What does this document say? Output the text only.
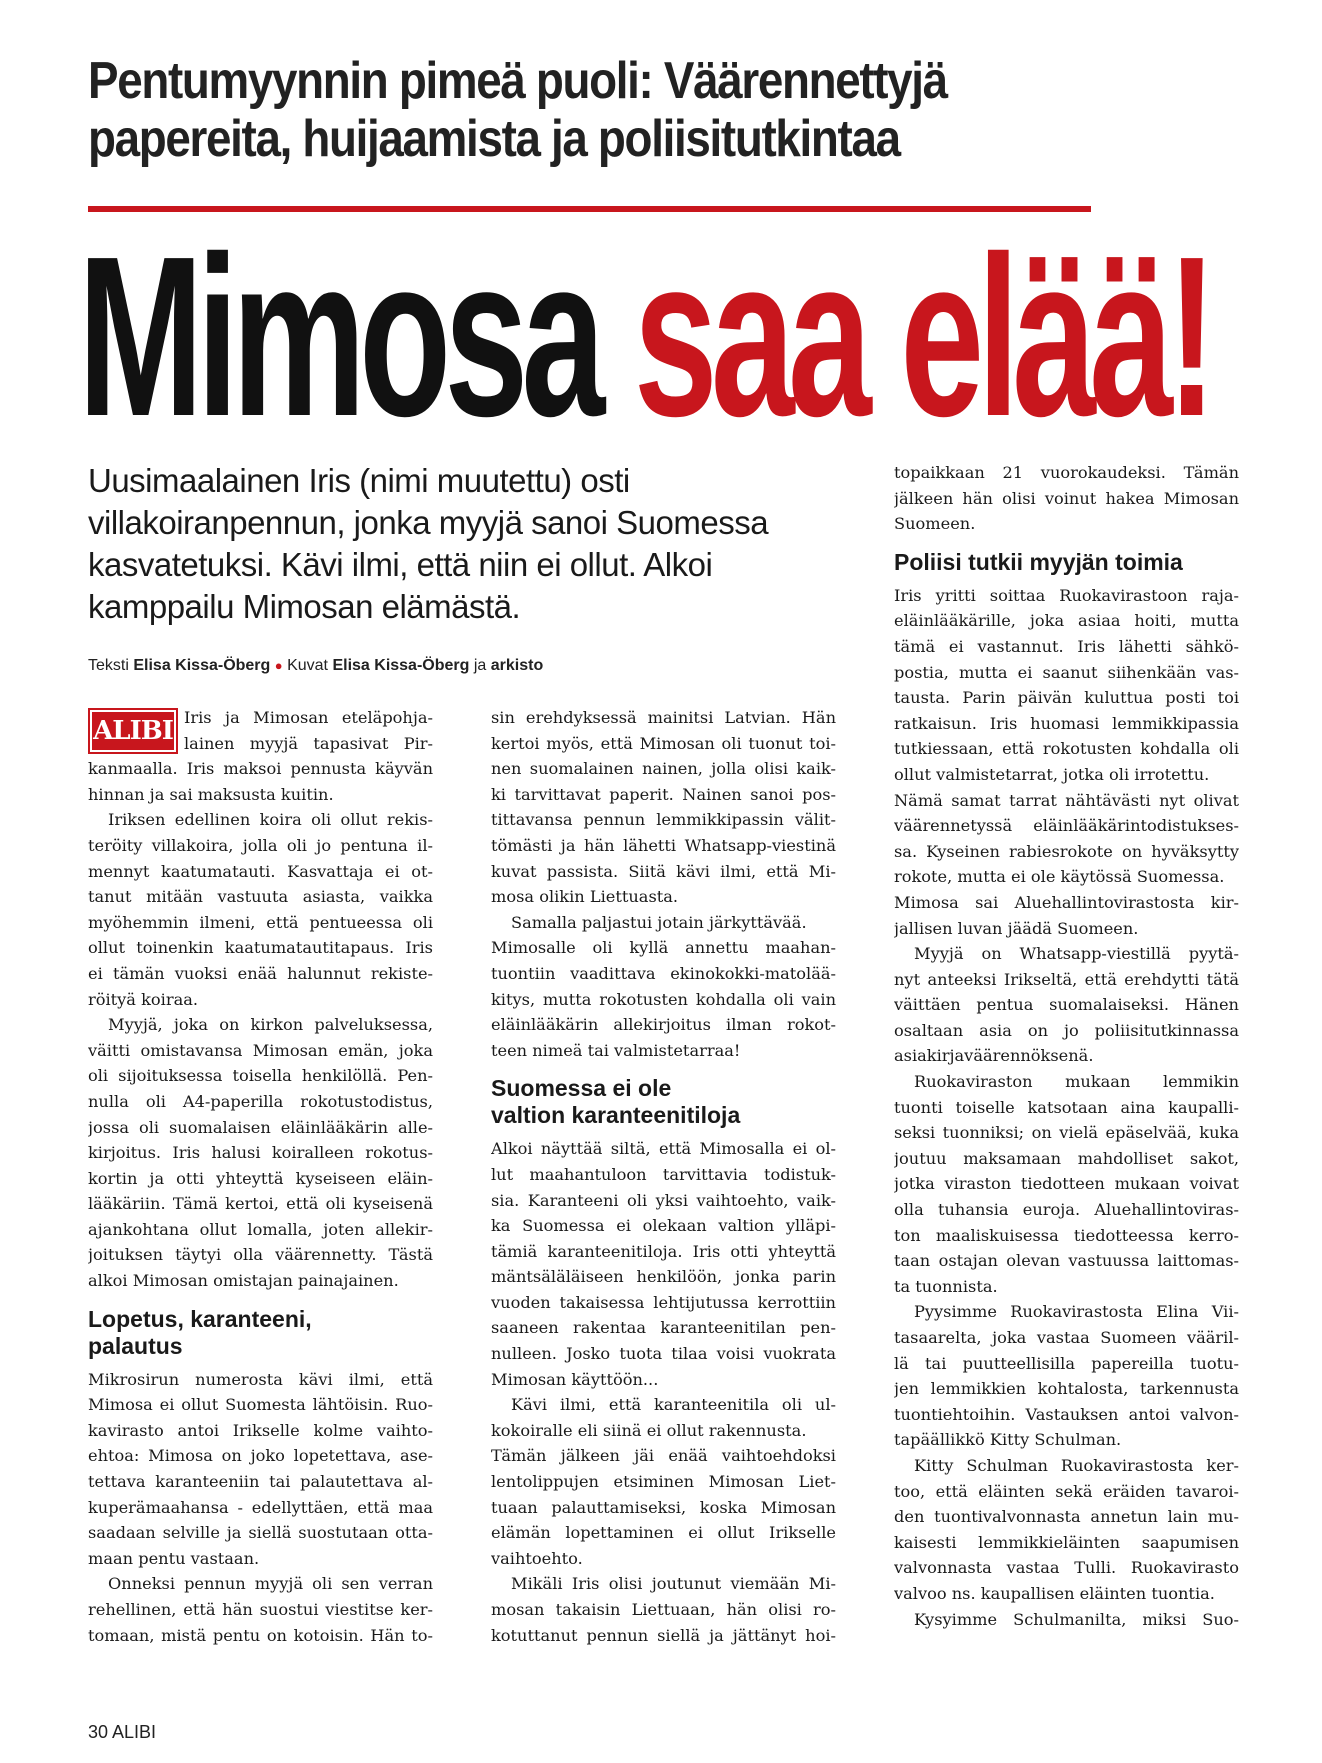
Pentumyynnin pimeä puoli: Väärennettyjä
papereita, huijaamista ja poliisitutkintaa
Mimosa saa elää!
Uusimaalainen Iris (nimi muutettu) osti
villakoiranpennun, jonka myyjä sanoi Suomessa
kasvatetuksi. Kävi ilmi, että niin ei ollut. Alkoi
kamppailu Mimosan elämästä.
Teksti Elisa Kissa-Öberg ● Kuvat Elisa Kissa-Öberg ja arkisto
ALIBI Iris ja Mimosan eteläpohja-
lainen myyjä tapasivat Pir-
kanmaalla. Iris maksoi pennusta käyvän
hinnan ja sai maksusta kuitin.
Iriksen edellinen koira oli ollut rekis-
teröity villakoira, jolla oli jo pentuna il-
mennyt kaatumatauti. Kasvattaja ei ot-
tanut mitään vastuuta asiasta, vaikka
myöhemmin ilmeni, että pentueessa oli
ollut toinenkin kaatumatautitapaus. Iris
ei tämän vuoksi enää halunnut rekiste-
röityä koiraa.
Myyjä, joka on kirkon palveluksessa,
väitti omistavansa Mimosan emän, joka
oli sijoituksessa toisella henkilöllä. Pen-
nulla oli A4-paperilla rokotustodistus,
jossa oli suomalaisen eläinlääkärin alle-
kirjoitus. Iris halusi koiralleen rokotus-
kortin ja otti yhteyttä kyseiseen eläin-
lääkäriin. Tämä kertoi, että oli kyseisenä
ajankohtana ollut lomalla, joten allekir-
joituksen täytyi olla väärennetty. Tästä
alkoi Mimosan omistajan painajainen.
Lopetus, karanteeni,
palautus
Mikrosirun numerosta kävi ilmi, että
Mimosa ei ollut Suomesta lähtöisin. Ruo-
kavirasto antoi Irikselle kolme vaihto-
ehtoa: Mimosa on joko lopetettava, ase-
tettava karanteeniin tai palautettava al-
kuperämaahansa - edellyttäen, että maa
saadaan selville ja siellä suostutaan otta-
maan pentu vastaan.
Onneksi pennun myyjä oli sen verran
rehellinen, että hän suostui viestitse ker-
tomaan, mistä pentu on kotoisin. Hän to-
sin erehdyksessä mainitsi Latvian. Hän
kertoi myös, että Mimosan oli tuonut toi-
nen suomalainen nainen, jolla olisi kaik-
ki tarvittavat paperit. Nainen sanoi pos-
tittavansa pennun lemmikkipassin välit-
tömästi ja hän lähetti Whatsapp-viestinä
kuvat passista. Siitä kävi ilmi, että Mi-
mosa olikin Liettuasta.
Samalla paljastui jotain järkyttävää.
Mimosalle oli kyllä annettu maahan-
tuontiin vaadittava ekinokokki-matolää-
kitys, mutta rokotusten kohdalla oli vain
eläinlääkärin allekirjoitus ilman rokot-
teen nimeä tai valmistetarraa!
Suomessa ei ole
valtion karanteenitiloja
Alkoi näyttää siltä, että Mimosalla ei ol-
lut maahantuloon tarvittavia todistuk-
sia. Karanteeni oli yksi vaihtoehto, vaik-
ka Suomessa ei olekaan valtion ylläpi-
tämiä karanteenitiloja. Iris otti yhteyttä
mäntsäläläiseen henkilöön, jonka parin
vuoden takaisessa lehtijutussa kerrottiin
saaneen rakentaa karanteenitilan pen-
nulleen. Josko tuota tilaa voisi vuokrata
Mimosan käyttöön...
Kävi ilmi, että karanteenitila oli ul-
kokoiralle eli siinä ei ollut rakennusta.
Tämän jälkeen jäi enää vaihtoehdoksi
lentolippujen etsiminen Mimosan Liet-
tuaan palauttamiseksi, koska Mimosan
elämän lopettaminen ei ollut Irikselle
vaihtoehto.
Mikäli Iris olisi joutunut viemään Mi-
mosan takaisin Liettuaan, hän olisi ro-
kotuttanut pennun siellä ja jättänyt hoi-
topaikkaan 21 vuorokaudeksi. Tämän
jälkeen hän olisi voinut hakea Mimosan
Suomeen.
Poliisi tutkii myyjän toimia
Iris yritti soittaa Ruokavirastoon raja-
eläinlääkärille, joka asiaa hoiti, mutta
tämä ei vastannut. Iris lähetti sähkö-
postia, mutta ei saanut siihenkään vas-
tausta. Parin päivän kuluttua posti toi
ratkaisun. Iris huomasi lemmikkipassia
tutkiessaan, että rokotusten kohdalla oli
ollut valmistetarrat, jotka oli irrotettu.
Nämä samat tarrat nähtävästi nyt olivat
väärennetyssä eläinlääkärintodistukses-
sa. Kyseinen rabiesrokote on hyväksytty
rokote, mutta ei ole käytössä Suomessa.
Mimosa sai Aluehallintovirastosta kir-
jallisen luvan jäädä Suomeen.
Myyjä on Whatsapp-viestillä pyytä-
nyt anteeksi Irikseltä, että erehdytti tätä
väittäen pentua suomalaiseksi. Hänen
osaltaan asia on jo poliisitutkinnassa
asiakirjaväärennöksenä.
Ruokaviraston mukaan lemmikin
tuonti toiselle katsotaan aina kaupalli-
seksi tuonniksi; on vielä epäselvää, kuka
joutuu maksamaan mahdolliset sakot,
jotka viraston tiedotteen mukaan voivat
olla tuhansia euroja. Aluehallintoviras-
ton maaliskuisessa tiedotteessa kerro-
taan ostajan olevan vastuussa laittomas-
ta tuonnista.
Pyysimme Ruokavirastosta Elina Vii-
tasaarelta, joka vastaa Suomeen vääril-
lä tai puutteellisilla papereilla tuotu-
jen lemmikkien kohtalosta, tarkennusta
tuontiehtoihin. Vastauksen antoi valvon-
tapäällikkö Kitty Schulman.
Kitty Schulman Ruokavirastosta ker-
too, että eläinten sekä eräiden tavaroi-
den tuontivalvonnasta annetun lain mu-
kaisesti lemmikkieläinten saapumisen
valvonnasta vastaa Tulli. Ruokavirasto
valvoo ns. kaupallisen eläinten tuontia.
Kysyimme Schulmanilta, miksi Suo-
30 ALIBI
